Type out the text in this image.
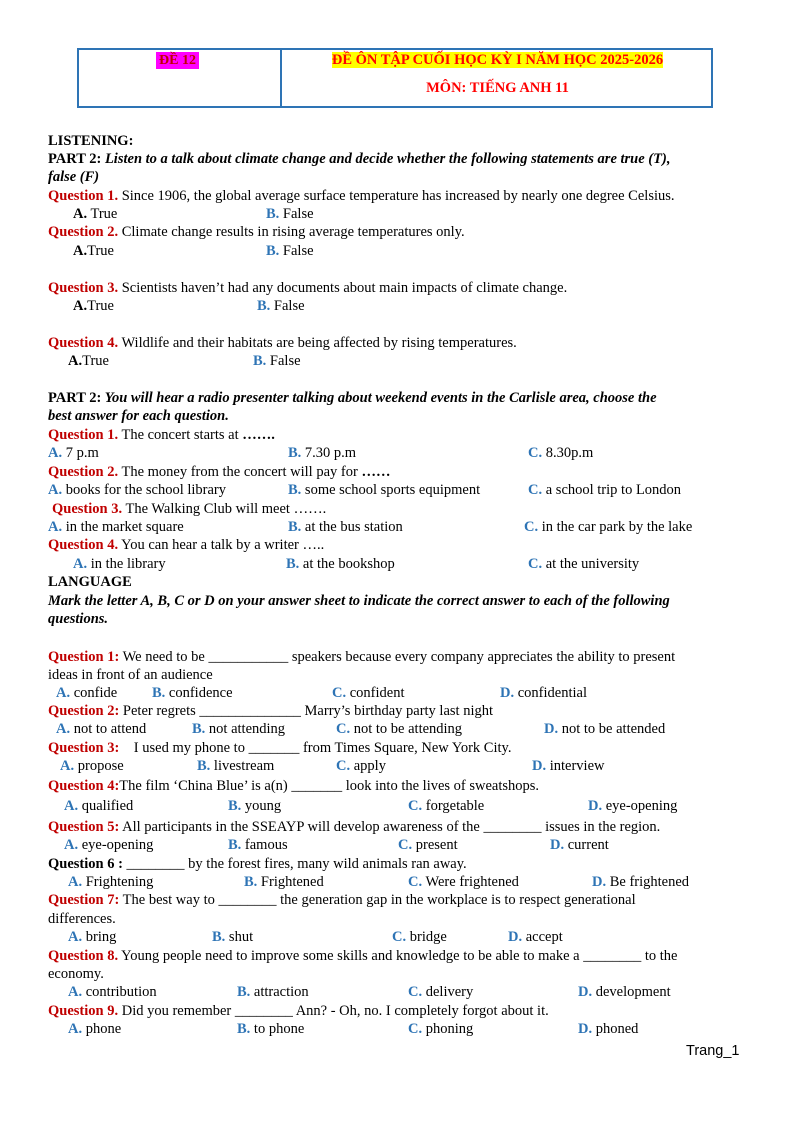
ĐỀ 12	ĐỀ ÔN TẬP CUỐI HỌC KỲ I NĂM HỌC 2025-2026
MÔN: TIẾNG ANH 11
LISTENING:
PART 2: Listen to a talk about climate change and decide whether the following statements are true (T),
false (F)
Question 1. Since 1906, the global average surface temperature has increased by nearly one degree Celsius.
A. True	B. False
Question 2. Climate change results in rising average temperatures only.
A.True	B. False
Question 3. Scientists haven’t had any documents about main impacts of climate change.
A.True	B. False
Question 4. Wildlife and their habitats are being affected by rising temperatures.
A.True	B. False
PART 2: You will hear a radio presenter talking about weekend events in the Carlisle area, choose the
best answer for each question.
Question 1. The concert starts at …….
A. 7 p.m	B. 7.30 p.m	C. 8.30p.m
Question 2. The money from the concert will pay for ……
A. books for the school library	B. some school sports equipment	C. a school trip to London
Question 3. The Walking Club will meet …….
A. in the market square	B. at the bus station	C. in the car park by the lake
Question 4. You can hear a talk by a writer …..
A. in the library	B. at the bookshop	C. at the university
LANGUAGE
Mark the letter A, B, C or D on your answer sheet to indicate the correct answer to each of the following
questions.
Question 1: We need to be ___________ speakers because every company appreciates the ability to present
ideas in front of an audience
A. confide B. confidence	C. confident	D. confidential
Question 2: Peter regrets ______________ Marry’s birthday party last night
A. not to attend	B. not attending	C. not to be attending	D. not to be attended
Question 3:    I used my phone to _______ from Times Square, New York City.
A. propose	B. livestream	C. apply	D. interview
Question 4:The film ‘China Blue’ is a(n) _______ look into the lives of sweatshops.
A. qualified	B. young	C. forgetable	D. eye-opening
Question 5: All participants in the SSEAYP will develop awareness of the ________ issues in the region.
A. eye-opening	B. famous	C. present	D. current
Question 6 : ________ by the forest fires, many wild animals ran away.
A. Frightening	B. Frightened	C. Were frightened	D. Be frightened
Question 7: The best way to ________ the generation gap in the workplace is to respect generational
differences.
A. bring	B. shut	C. bridge	D. accept
Question 8. Young people need to improve some skills and knowledge to be able to make a ________ to the
economy.
A. contribution	B. attraction	C. delivery	D. development
Question 9. Did you remember ________ Ann? - Oh, no. I completely forgot about it.
A. phone	B. to phone	C. phoning	D. phoned
Trang_1
